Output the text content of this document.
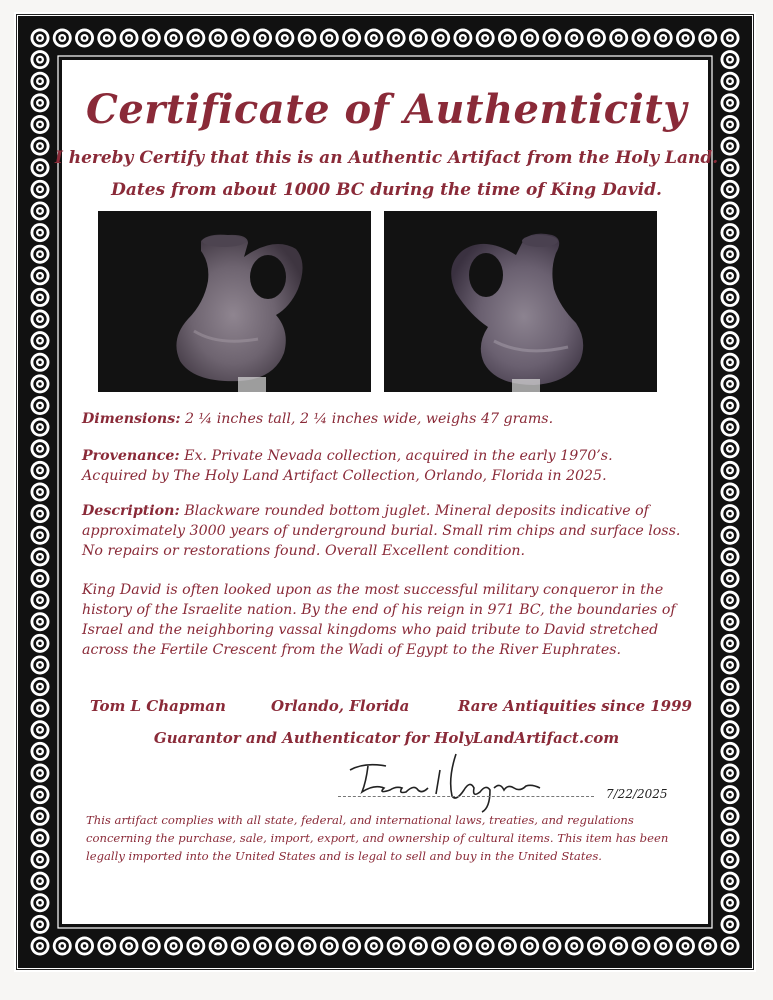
Certificate of Authenticity
I hereby Certify that this is an Authentic Artifact from the Holy Land.
Dates from about 1000 BC during the time of King David.
Dimensions: 2 ¼ inches tall, 2 ¼ inches wide, weighs 47 grams.
Provenance: Ex. Private Nevada collection, acquired in the early 1970’s. Acquired by The Holy Land Artifact Collection, Orlando, Florida in 2025.
Description: Blackware rounded bottom juglet. Mineral deposits indicative of approximately 3000 years of underground burial. Small rim chips and surface loss. No repairs or restorations found. Overall Excellent condition.
King David is often looked upon as the most successful military conqueror in the history of the Israelite nation. By the end of his reign in 971 BC, the boundaries of Israel and the neighboring vassal kingdoms who paid tribute to David stretched across the Fertile Crescent from the Wadi of Egypt to the River Euphrates.
Tom L Chapman	Orlando, Florida	Rare Antiquities since 1999
Guarantor and Authenticator for HolyLandArtifact.com
7/22/2025
This artifact complies with all state, federal, and international laws, treaties, and regulations concerning the purchase, sale, import, export, and ownership of cultural items. This item has been legally imported into the United States and is legal to sell and buy in the United States.
